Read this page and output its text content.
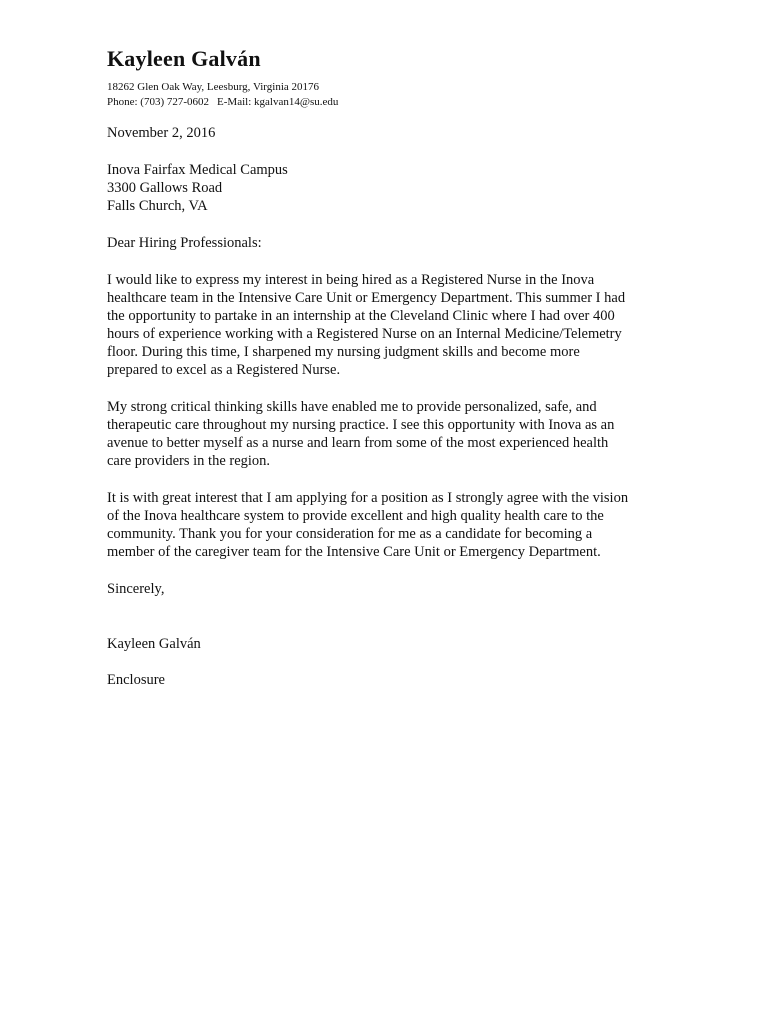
Kayleen Galván
18262 Glen Oak Way, Leesburg, Virginia 20176
Phone: (703) 727-0602 E-Mail: kgalvan14@su.edu
November 2, 2016
Inova Fairfax Medical Campus
3300 Gallows Road
Falls Church, VA
Dear Hiring Professionals:
I would like to express my interest in being hired as a Registered Nurse in the Inova
healthcare team in the Intensive Care Unit or Emergency Department. This summer I had
the opportunity to partake in an internship at the Cleveland Clinic where I had over 400
hours of experience working with a Registered Nurse on an Internal Medicine/Telemetry
floor. During this time, I sharpened my nursing judgment skills and become more
prepared to excel as a Registered Nurse.
My strong critical thinking skills have enabled me to provide personalized, safe, and
therapeutic care throughout my nursing practice. I see this opportunity with Inova as an
avenue to better myself as a nurse and learn from some of the most experienced health
care providers in the region.
It is with great interest that I am applying for a position as I strongly agree with the vision
of the Inova healthcare system to provide excellent and high quality health care to the
community. Thank you for your consideration for me as a candidate for becoming a
member of the caregiver team for the Intensive Care Unit or Emergency Department.
Sincerely,
Kayleen Galván
Enclosure
